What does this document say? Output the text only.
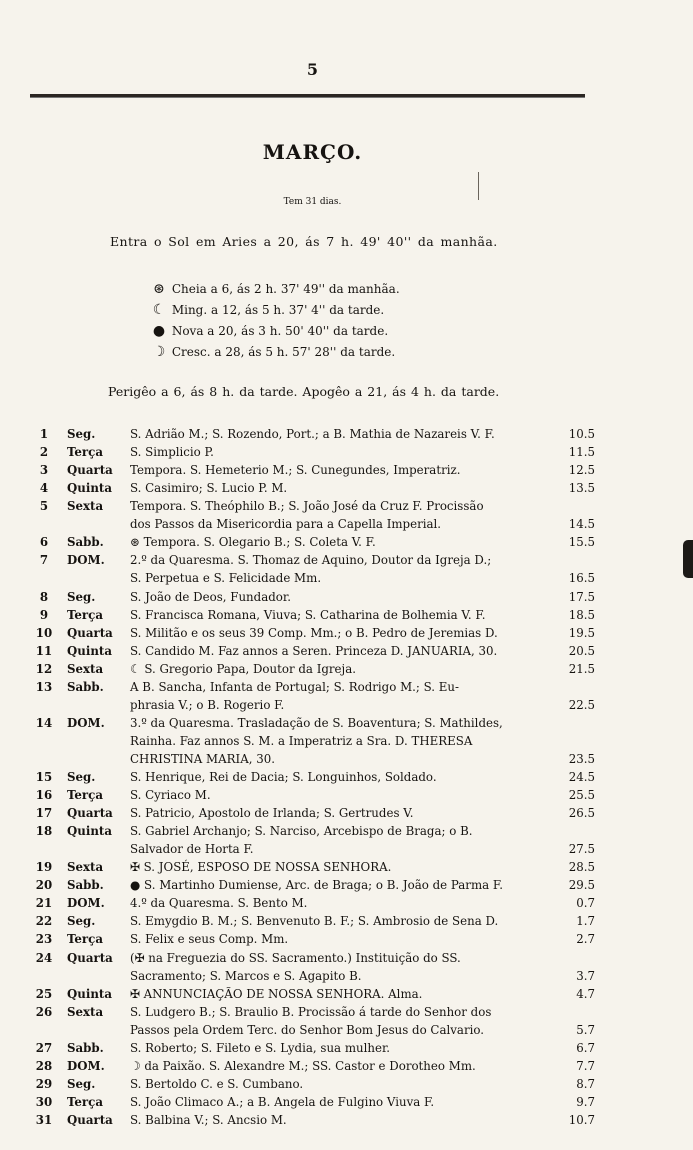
5
MARÇO.
Tem 31 dias.
Entra o Sol em Aries a 20, ás 7 h. 49' 40'' da manhãa.
⊛ Cheia a 6, ás 2 h. 37' 49'' da manhãa.
☾ Ming. a 12, ás 5 h. 37' 4'' da tarde.
● Nova a 20, ás 3 h. 50' 40'' da tarde.
☽ Cresc. a 28, ás 5 h. 57' 28'' da tarde.
Perigêo a 6, ás 8 h. da tarde. Apogêo a 21, ás 4 h. da tarde.
1	Seg.	S. Adrião M.; S. Rozendo, Port.; a B. Mathia de Nazareis V. F.	10.5
2	Terça	S. Simplicio P.	11.5
3	Quarta	Tempora. S. Hemeterio M.; S. Cunegundes, Imperatriz.	12.5
4	Quinta	S. Casimiro; S. Lucio P. M.	13.5
5	Sexta	Tempora. S. Theóphilo B.; S. João José da Cruz F. Procissão
dos Passos da Misericordia para a Capella Imperial.	14.5
6	Sabb.	⊛ Tempora. S. Olegario B.; S. Coleta V. F.	15.5
7	DOM.	2.º da Quaresma. S. Thomaz de Aquino, Doutor da Igreja D.;
S. Perpetua e S. Felicidade Mm.	16.5
8	Seg.	S. João de Deos, Fundador.	17.5
9	Terça	S. Francisca Romana, Viuva; S. Catharina de Bolhemia V. F.	18.5
10 Quarta	S. Militão e os seus 39 Comp. Mm.; o B. Pedro de Jeremias D.	19.5
11 Quinta	S. Candido M. Faz annos a Seren. Princeza D. JANUARIA, 30.	20.5
12 Sexta	☾ S. Gregorio Papa, Doutor da Igreja.	21.5
13 Sabb.	A B. Sancha, Infanta de Portugal; S. Rodrigo M.; S. Eu-
phrasia V.; o B. Rogerio F.	22.5
14 DOM.	3.º da Quaresma. Trasladação de S. Boaventura; S. Mathildes,
Rainha. Faz annos S. M. a Imperatriz a Sra. D. THERESA
CHRISTINA MARIA, 30.	23.5
15 Seg.	S. Henrique, Rei de Dacia; S. Longuinhos, Soldado.	24.5
16 Terça	S. Cyriaco M.	25.5
17 Quarta	S. Patricio, Apostolo de Irlanda; S. Gertrudes V.	26.5
18 Quinta	S. Gabriel Archanjo; S. Narciso, Arcebispo de Braga; o B.
Salvador de Horta F.	27.5
19 Sexta	✠ S. JOSÉ, ESPOSO DE NOSSA SENHORA.	28.5
20 Sabb.	● S. Martinho Dumiense, Arc. de Braga; o B. João de Parma F.	29.5
21 DOM.	4.º da Quaresma. S. Bento M.	0.7
22 Seg.	S. Emygdio B. M.; S. Benvenuto B. F.; S. Ambrosio de Sena D.	1.7
23 Terça	S. Felix e seus Comp. Mm.	2.7
24 Quarta	(✠ na Freguezia do SS. Sacramento.) Instituição do SS.
Sacramento; S. Marcos e S. Agapito B.	3.7
25 Quinta	✠ ANNUNCIAÇÃO DE NOSSA SENHORA. Alma.	4.7
26 Sexta	S. Ludgero B.; S. Braulio B. Procissão á tarde do Senhor dos
Passos pela Ordem Terc. do Senhor Bom Jesus do Calvario.	5.7
27 Sabb.	S. Roberto; S. Fileto e S. Lydia, sua mulher.	6.7
28 DOM.	☽ da Paixão. S. Alexandre M.; SS. Castor e Dorotheo Mm.	7.7
29 Seg.	S. Bertoldo C. e S. Cumbano.	8.7
30 Terça	S. João Climaco A.; a B. Angela de Fulgino Viuva F.	9.7
31 Quarta	S. Balbina V.; S. Ancsio M.	10.7
